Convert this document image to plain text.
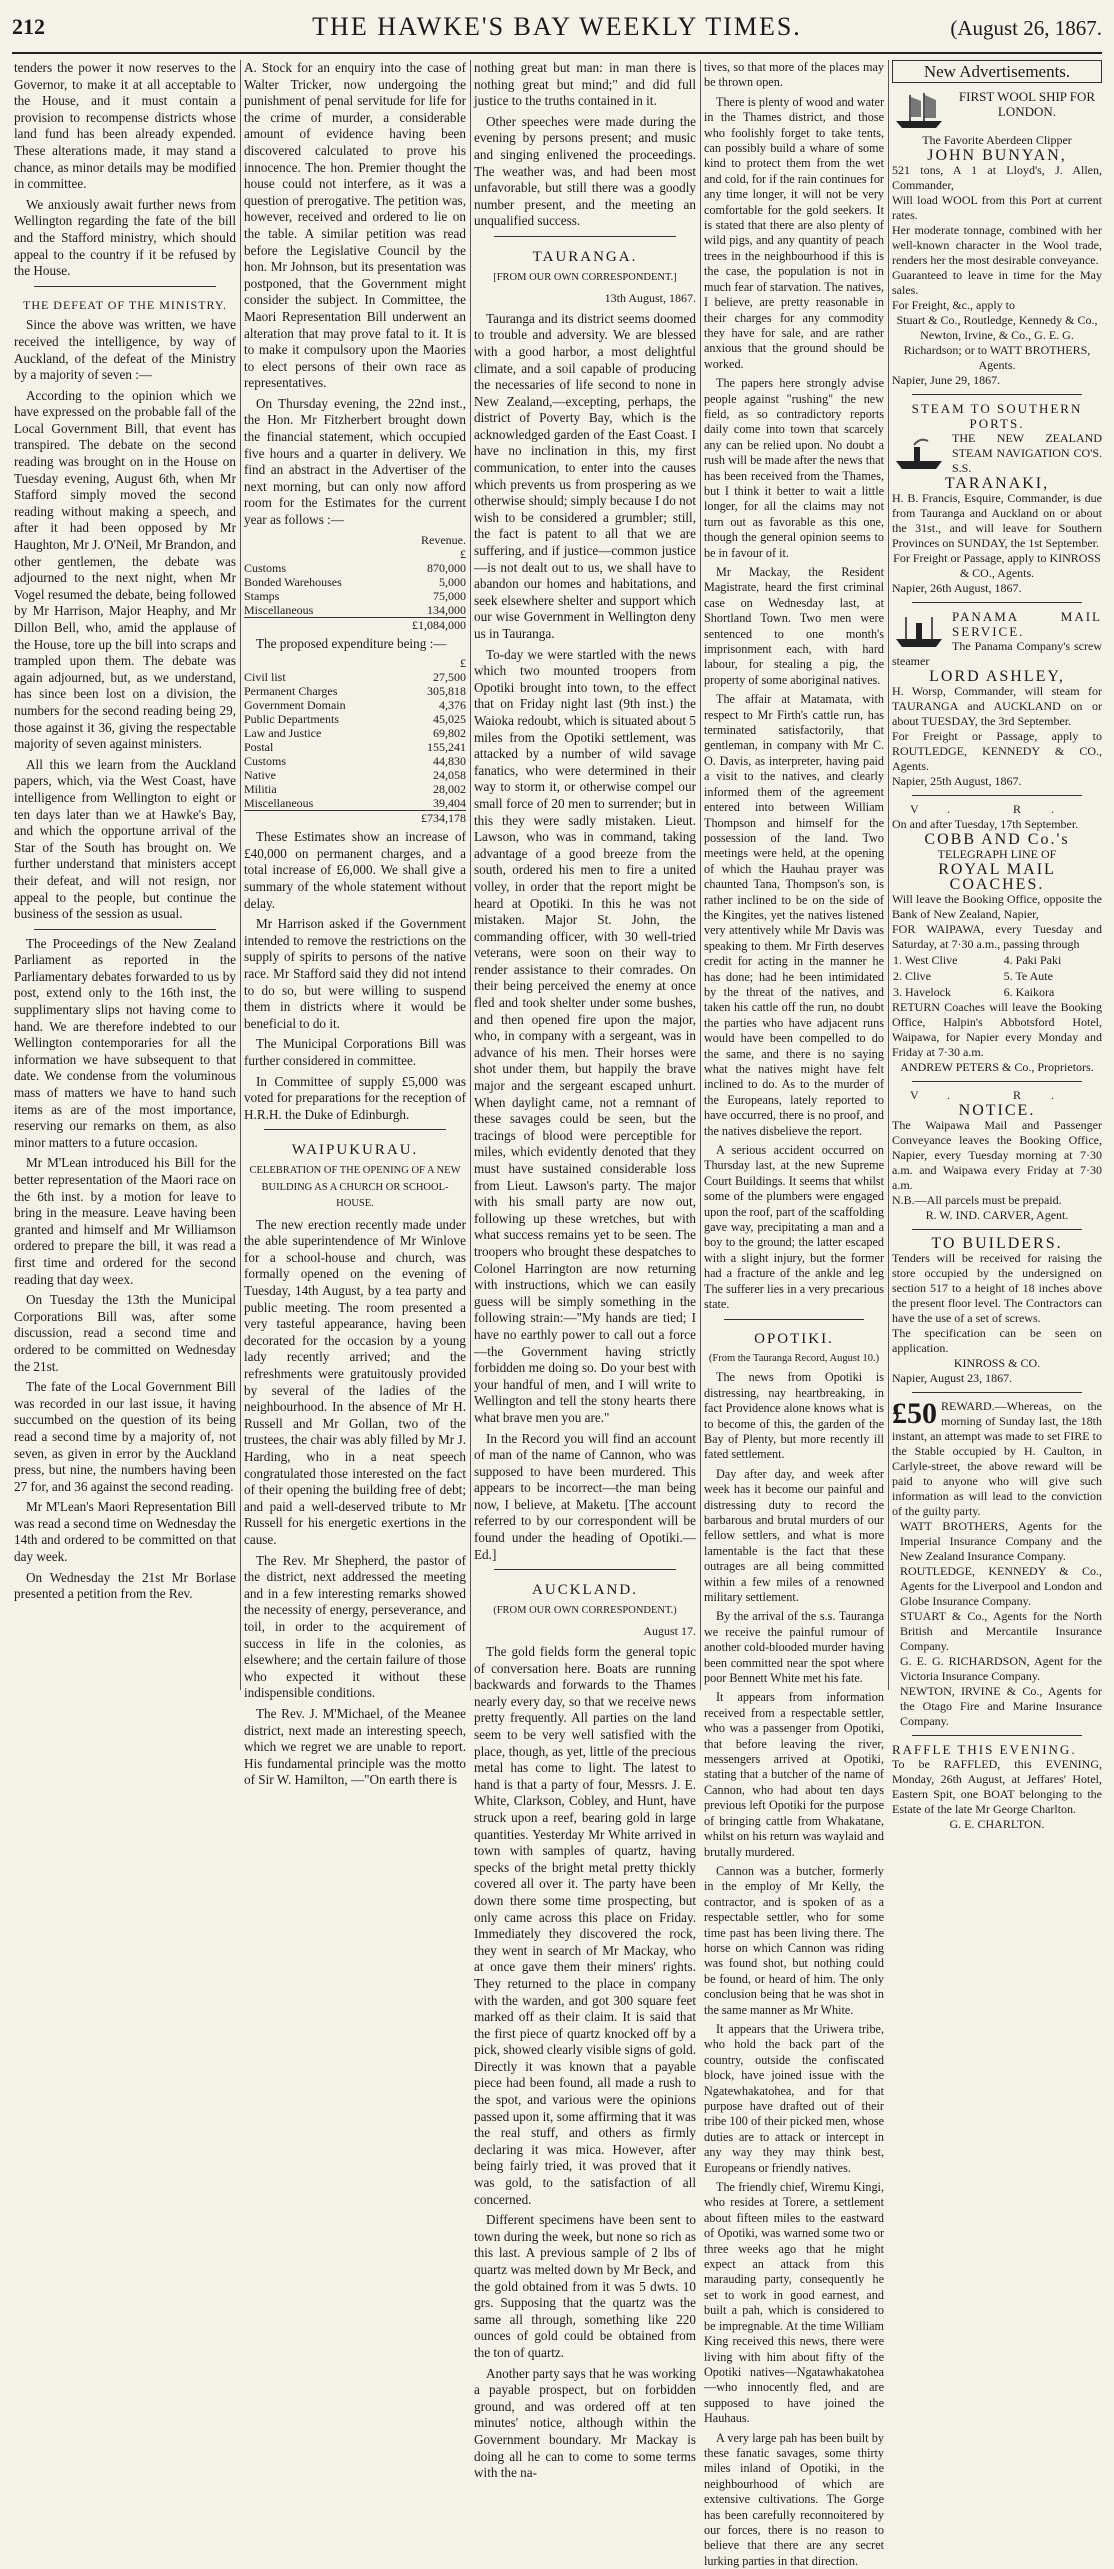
212	THE HAWKE'S BAY WEEKLY TIMES.	(August 26, 1867.

tenders the power it now reserves to the Governor, to make it at all acceptable to the House, and it must contain a provision to recompense districts whose land fund has been already expended. These alterations made, it may stand a chance, as minor details may be modified in committee.

We anxiously await further news from Wellington regarding the fate of the bill and the Stafford ministry, which should appeal to the country if it be refused by the House.

THE DEFEAT OF THE MINISTRY.

Since the above was written, we have received the intelligence, by way of Auckland, of the defeat of the Ministry by a majority of seven :—

According to the opinion which we have expressed on the probable fall of the Local Government Bill, that event has transpired. The debate on the second reading was brought on in the House on Tuesday evening, August 6th, when Mr Stafford simply moved the second reading without making a speech, and after it had been opposed by Mr Haughton, Mr J. O'Neil, Mr Brandon, and other gentlemen, the debate was adjourned to the next night, when Mr Vogel resumed the debate, being followed by Mr Harrison, Major Heaphy, and Mr Dillon Bell, who, amid the applause of the House, tore up the bill into scraps and trampled upon them. The debate was again adjourned, but, as we understand, has since been lost on a division, the numbers for the second reading being 29, those against it 36, giving the respectable majority of seven against ministers.

All this we learn from the Auckland papers, which, via the West Coast, have intelligence from Wellington to eight or ten days later than we at Hawke's Bay, and which the opportune arrival of the Star of the South has brought on. We further understand that ministers accept their defeat, and will not resign, nor appeal to the people, but continue the business of the session as usual.

The Proceedings of the New Zealand Parliament as reported in the Parliamentary debates forwarded to us by post, extend only to the 16th inst, the supplimentary slips not having come to hand. We are therefore indebted to our Wellington contemporaries for all the information we have subsequent to that date. We condense from the voluminous mass of matters we have to hand such items as are of the most importance, reserving our remarks on them, as also minor matters to a future occasion.

Mr M'Lean introduced his Bill for the better representation of the Maori race on the 6th inst. by a motion for leave to bring in the measure. Leave having been granted and himself and Mr Williamson ordered to prepare the bill, it was read a first time and ordered for the second reading that day weex.

On Tuesday the 13th the Municipal Corporations Bill was, after some discussion, read a second time and ordered to be committed on Wednesday the 21st.

The fate of the Local Government Bill was recorded in our last issue, it having succumbed on the question of its being read a second time by a majority of, not seven, as given in error by the Auckland press, but nine, the numbers having been 27 for, and 36 against the second reading.

Mr M'Lean's Maori Representation Bill was read a second time on Wednesday the 14th and ordered to be committed on that day week.

On Wednesday the 21st Mr Borlase presented a petition from the Rev.

A. Stock for an enquiry into the case of Walter Tricker, now undergoing the punishment of penal servitude for life for the crime of murder, a considerable amount of evidence having been discovered calculated to prove his innocence. The hon. Premier thought the house could not interfere, as it was a question of prerogative. The petition was, however, received and ordered to lie on the table. A similar petition was read before the Legislative Council by the hon. Mr Johnson, but its presentation was postponed, that the Government might consider the subject. In Committee, the Maori Representation Bill underwent an alteration that may prove fatal to it. It is to make it compulsory upon the Maories to elect persons of their own race as representatives.

On Thursday evening, the 22nd inst., the Hon. Mr Fitzherbert brought down the financial statement, which occupied five hours and a quarter in delivery. We find an abstract in the Advertiser of the next morning, but can only now afford room for the Estimates for the current year as follows :—

	Revenue.
	£
Customs	870,000
Bonded Warehouses	5,000
Stamps	75,000
Miscellaneous	134,000
	£1,084,000

The proposed expenditure being :—

	£
Civil list	27,500
Permanent Charges	305,818
Government Domain	4,376
Public Departments	45,025
Law and Justice	69,802
Postal	155,241
Customs	44,830
Native	24,058
Militia	28,002
Miscellaneous	39,404
	£734,178

These Estimates show an increase of £40,000 on permanent charges, and a total increase of £6,000. We shall give a summary of the whole statement without delay.

Mr Harrison asked if the Government intended to remove the restrictions on the supply of spirits to persons of the native race. Mr Stafford said they did not intend to do so, but were willing to suspend them in districts where it would be beneficial to do it.

The Municipal Corporations Bill was further considered in committee.

In Committee of supply £5,000 was voted for preparations for the reception of H.R.H. the Duke of Edinburgh.

WAIPUKURAU.
CELEBRATION OF THE OPENING OF A NEW BUILDING AS A CHURCH OR SCHOOL-HOUSE.

The new erection recently made under the able superintendence of Mr Winlove for a school-house and church, was formally opened on the evening of Tuesday, 14th August, by a tea party and public meeting. The room presented a very tasteful appearance, having been decorated for the occasion by a young lady recently arrived; and the refreshments were gratuitously provided by several of the ladies of the neighbourhood. In the absence of Mr H. Russell and Mr Gollan, two of the trustees, the chair was ably filled by Mr J. Harding, who in a neat speech congratulated those interested on the fact of their opening the building free of debt; and paid a well-deserved tribute to Mr Russell for his energetic exertions in the cause.

The Rev. Mr Shepherd, the pastor of the district, next addressed the meeting and in a few interesting remarks showed the necessity of energy, perseverance, and toil, in order to the acquirement of success in life in the colonies, as elsewhere; and the certain failure of those who expected it without these indispensible conditions.

The Rev. J. M'Michael, of the Meanee district, next made an interesting speech, which we regret we are unable to report. His fundamental principle was the motto of Sir W. Hamilton, —"On earth there is

nothing great but man: in man there is nothing great but mind;" and did full justice to the truths contained in it.

Other speeches were made during the evening by persons present; and music and singing enlivened the proceedings. The weather was, and had been most unfavorable, but still there was a goodly number present, and the meeting an unqualified success.

TAURANGA.
[FROM OUR OWN CORRESPONDENT.]
13th August, 1867.

Tauranga and its district seems doomed to trouble and adversity. We are blessed with a good harbor, a most delightful climate, and a soil capable of producing the necessaries of life second to none in New Zealand,—excepting, perhaps, the district of Poverty Bay, which is the acknowledged garden of the East Coast. I have no inclination in this, my first communication, to enter into the causes which prevents us from prospering as we otherwise should; simply because I do not wish to be considered a grumbler; still, the fact is patent to all that we are suffering, and if justice—common justice—is not dealt out to us, we shall have to abandon our homes and habitations, and seek elsewhere shelter and support which our wise Government in Wellington deny us in Tauranga.

To-day we were startled with the news which two mounted troopers from Opotiki brought into town, to the effect that on Friday night last (9th inst.) the Waioka redoubt, which is situated about 5 miles from the Opotiki settlement, was attacked by a number of wild savage fanatics, who were determined in their way to storm it, or otherwise compel our small force of 20 men to surrender; but in this they were sadly mistaken. Lieut. Lawson, who was in command, taking advantage of a good breeze from the south, ordered his men to fire a united volley, in order that the report might be heard at Opotiki. In this he was not mistaken. Major St. John, the commanding officer, with 30 well-tried veterans, were soon on their way to render assistance to their comrades. On their being perceived the enemy at once fled and took shelter under some bushes, and then opened fire upon the major, who, in company with a sergeant, was in advance of his men. Their horses were shot under them, but happily the brave major and the sergeant escaped unhurt. When daylight came, not a remnant of these savages could be seen, but the tracings of blood were perceptible for miles, which evidently denoted that they must have sustained considerable loss from Lieut. Lawson's party. The major with his small party are now out, following up these wretches, but with what success remains yet to be seen. The troopers who brought these despatches to Colonel Harrington are now returning with instructions, which we can easily guess will be simply something in the following strain:—"My hands are tied; I have no earthly power to call out a force—the Government having strictly forbidden me doing so. Do your best with your handful of men, and I will write to Wellington and tell the stony hearts there what brave men you are."

In the Record you will find an account of man of the name of Cannon, who was supposed to have been murdered. This appears to be incorrect—the man being now, I believe, at Maketu. [The account referred to by our correspondent will be found under the heading of Opotiki.—Ed.]

AUCKLAND.
(FROM OUR OWN CORRESPONDENT.)
August 17.

The gold fields form the general topic of conversation here. Boats are running backwards and forwards to the Thames nearly every day, so that we receive news pretty frequently. All parties on the land seem to be very well satisfied with the place, though, as yet, little of the precious metal has come to light. The latest to hand is that a party of four, Messrs. J. E. White, Clarkson, Cobley, and Hunt, have struck upon a reef, bearing gold in large quantities. Yesterday Mr White arrived in town with samples of quartz, having specks of the bright metal pretty thickly covered all over it. The party have been down there some time prospecting, but only came across this place on Friday. Immediately they discovered the rock, they went in search of Mr Mackay, who at once gave them their miners' rights. They returned to the place in company with the warden, and got 300 square feet marked off as their claim. It is said that the first piece of quartz knocked off by a pick, showed clearly visible signs of gold. Directly it was known that a payable piece had been found, all made a rush to the spot, and various were the opinions passed upon it, some affirming that it was the real stuff, and others as firmly declaring it was mica. However, after being fairly tried, it was proved that it was gold, to the satisfaction of all concerned.

Different specimens have been sent to town during the week, but none so rich as this last. A previous sample of 2 lbs of quartz was melted down by Mr Beck, and the gold obtained from it was 5 dwts. 10 grs. Supposing that the quartz was the same all through, something like 220 ounces of gold could be obtained from the ton of quartz.

Another party says that he was working a payable prospect, but on forbidden ground, and was ordered off at ten minutes' notice, although within the Government boundary. Mr Mackay is doing all he can to come to some terms with the na-

tives, so that more of the places may be thrown open.

There is plenty of wood and water in the Thames district, and those who foolishly forget to take tents, can possibly build a whare of some kind to protect them from the wet and cold, for if the rain continues for any time longer, it will not be very comfortable for the gold seekers. It is stated that there are also plenty of wild pigs, and any quantity of peach trees in the neighbourhood if this is the case, the population is not in much fear of starvation. The natives, I believe, are pretty reasonable in their charges for any commodity they have for sale, and are rather anxious that the ground should be worked.

The papers here strongly advise people against "rushing" the new field, as so contradictory reports daily come into town that scarcely any can be relied upon. No doubt a rush will be made after the news that has been received from the Thames, but I think it better to wait a little longer, for all the claims may not turn out as favorable as this one, though the general opinion seems to be in favour of it.

Mr Mackay, the Resident Magistrate, heard the first criminal case on Wednesday last, at Shortland Town. Two men were sentenced to one month's imprisonment each, with hard labour, for stealing a pig, the property of some aboriginal natives.

The affair at Matamata, with respect to Mr Firth's cattle run, has terminated satisfactorily, that gentleman, in company with Mr C. O. Davis, as interpreter, having paid a visit to the natives, and clearly informed them of the agreement entered into between William Thompson and himself for the possession of the land. Two meetings were held, at the opening of which the Hauhau prayer was chaunted Tana, Thompson's son, is rather inclined to be on the side of the Kingites, yet the natives listened very attentively while Mr Davis was speaking to them. Mr Firth deserves credit for acting in the manner he has done; had he been intimidated by the threat of the natives, and taken his cattle off the run, no doubt the parties who have adjacent runs would have been compelled to do the same, and there is no saying what the natives might have felt inclined to do. As to the murder of the Europeans, lately reported to have occurred, there is no proof, and the natives disbelieve the report.

A serious accident occurred on Thursday last, at the new Supreme Court Buildings. It seems that whilst some of the plumbers were engaged upon the roof, part of the scaffolding gave way, precipitating a man and a boy to the ground; the latter escaped with a slight injury, but the former had a fracture of the ankle and leg The sufferer lies in a very precarious state.

OPOTIKI.
(From the Tauranga Record, August 10.)

The news from Opotiki is distressing, nay heartbreaking, in fact Providence alone knows what is to become of this, the garden of the Bay of Plenty, but more recently ill fated settlement.

Day after day, and week after week has it become our painful and distressing duty to record the barbarous and brutal murders of our fellow settlers, and what is more lamentable is the fact that these outrages are all being committed within a few miles of a renowned military settlement.

By the arrival of the s.s. Tauranga we receive the painful rumour of another cold-blooded murder having been committed near the spot where poor Bennett White met his fate.

It appears from information received from a respectable settler, who was a passenger from Opotiki, that before leaving the river, messengers arrived at Opotiki, stating that a butcher of the name of Cannon, who had about ten days previous left Opotiki for the purpose of bringing cattle from Whakatane, whilst on his return was waylaid and brutally murdered.

Cannon was a butcher, formerly in the employ of Mr Kelly, the contractor, and is spoken of as a respectable settler, who for some time past has been living there. The horse on which Cannon was riding was found shot, but nothing could be found, or heard of him. The only conclusion being that he was shot in the same manner as Mr White.

It appears that the Uriwera tribe, who hold the back part of the country, outside the confiscated block, have joined issue with the Ngatewhakatohea, and for that purpose have drafted out of their tribe 100 of their picked men, whose duties are to attack or intercept in any way they may think best, Europeans or friendly natives.

The friendly chief, Wiremu Kingi, who resides at Torere, a settlement about fifteen miles to the eastward of Opotiki, was warned some two or three weeks ago that he might expect an attack from this marauding party, consequently he set to work in good earnest, and built a pah, which is considered to be impregnable. At the time William King received this news, there were living with him about fifty of the Opotiki natives—Ngatawhakatohea—who innocently fled, and are supposed to have joined the Hauhaus.

A very large pah has been built by these fanatic savages, some thirty miles inland of Opotiki, in the neighbourhood of which are extensive cultivations. The Gorge has been carefully reconnoitered by our forces, there is no reason to believe that there are any secret lurking parties in that direction.

New Advertisements.
FIRST WOOL SHIP FOR LONDON.
The Favorite Aberdeen Clipper
JOHN BUNYAN,
521 tons, A 1 at Lloyd's, J. Allen, Commander,
Will load WOOL from this Port at current rates.
Her moderate tonnage, combined with her well-known character in the Wool trade, renders her the most desirable conveyance.
Guaranteed to leave in time for the May sales.
For Freight, &c., apply to
Stuart & Co., Routledge, Kennedy & Co., Newton, Irvine, & Co., G. E. G. Richardson; or to WATT BROTHERS, Agents.
Napier, June 29, 1867.
STEAM TO SOUTHERN PORTS.
THE NEW ZEALAND STEAM NAVIGATION CO'S. S.S.
TARANAKI,
H. B. Francis, Esquire, Commander, is due from Tauranga and Auckland on or about the 31st., and will leave for Southern Provinces on SUNDAY, the 1st September.
For Freight or Passage, apply to KINROSS & CO., Agents.
Napier, 26th August, 1867.
PANAMA MAIL SERVICE.
The Panama Company's screw steamer
LORD ASHLEY,
H. Worsp, Commander, will steam for TAURANGA and AUCKLAND on or about TUESDAY, the 3rd September.
For Freight or Passage, apply to ROUTLEDGE, KENNEDY & CO., Agents.
Napier, 25th August, 1867.
V. R.
On and after Tuesday, 17th September.
COBB AND Co.'s
TELEGRAPH LINE OF
ROYAL MAIL COACHES.
Will leave the Booking Office, opposite the Bank of New Zealand, Napier,
FOR WAIPAWA, every Tuesday and Saturday, at 7·30 a.m., passing through
1. West Clive	4. Paki Paki
2. Clive	5. Te Aute
3. Havelock	6. Kaikora
RETURN Coaches will leave the Booking Office, Halpin's Abbotsford Hotel, Waipawa, for Napier every Monday and Friday at 7·30 a.m.
ANDREW PETERS & Co., Proprietors.
V. R.
NOTICE.
The Waipawa Mail and Passenger Conveyance leaves the Booking Office, Napier, every Tuesday morning at 7·30 a.m. and Waipawa every Friday at 7·30 a.m.
N.B.—All parcels must be prepaid.
R. W. IND. CARVER, Agent.
TO BUILDERS.
Tenders will be received for raising the store occupied by the undersigned on section 517 to a height of 18 inches above the present floor level. The Contractors can have the use of a set of screws.
The specification can be seen on application.
KINROSS & CO.
Napier, August 23, 1867.
£50 REWARD.—Whereas, on the morning of Sunday last, the 18th instant, an attempt was made to set FIRE to the Stable occupied by H. Caulton, in Carlyle-street, the above reward will be paid to anyone who will give such information as will lead to the conviction of the guilty party.
WATT BROTHERS, Agents for the Imperial Insurance Company and the New Zealand Insurance Company.
ROUTLEDGE, KENNEDY & Co., Agents for the Liverpool and London and Globe Insurance Company.
STUART & Co., Agents for the North British and Mercantile Insurance Company.
G. E. G. RICHARDSON, Agent for the Victoria Insurance Company.
NEWTON, IRVINE & Co., Agents for the Otago Fire and Marine Insurance Company.
RAFFLE THIS EVENING.
To be RAFFLED, this EVENING, Monday, 26th August, at Jeffares' Hotel, Eastern Spit, one BOAT belonging to the Estate of the late Mr George Charlton.
G. E. CHARLTON.
